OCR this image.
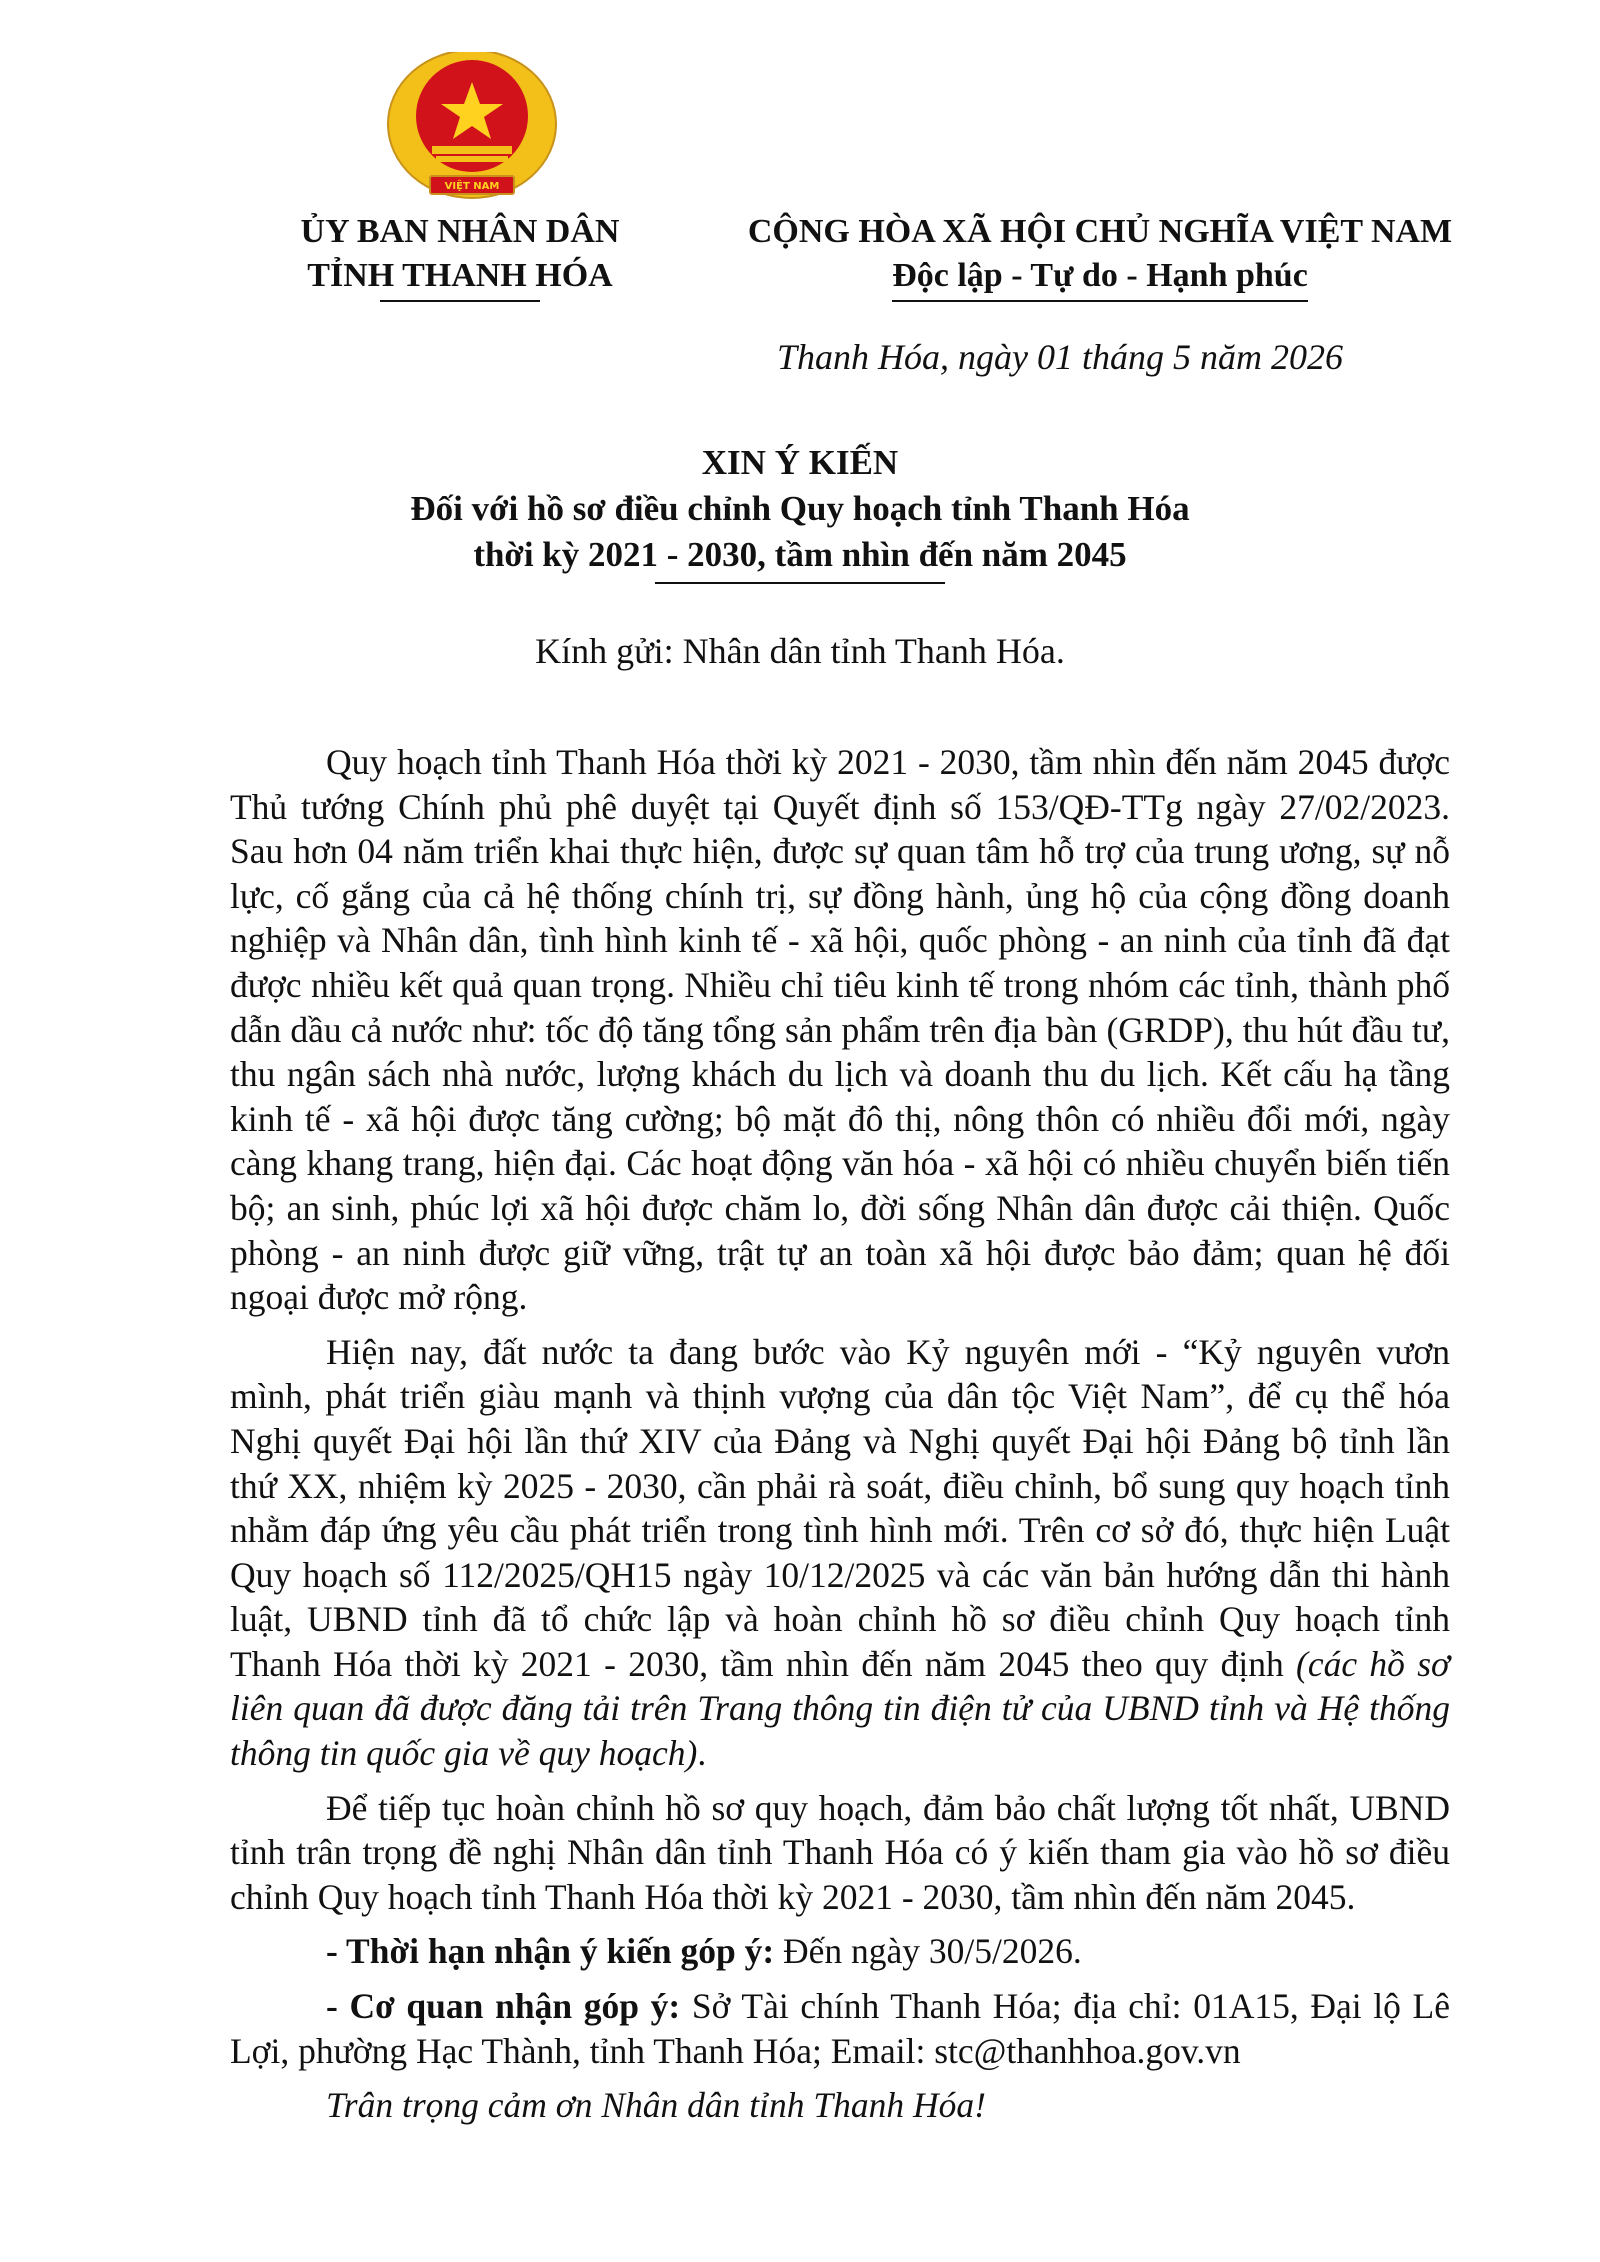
VIỆT NAM
ỦY BAN NHÂN DÂN
TỈNH THANH HÓA
CỘNG HÒA XÃ HỘI CHỦ NGHĨA VIỆT NAM
Độc lập - Tự do - Hạnh phúc
Thanh Hóa, ngày 01 tháng 5 năm 2026
XIN Ý KIẾN
Đối với hồ sơ điều chỉnh Quy hoạch tỉnh Thanh Hóa
thời kỳ 2021 - 2030, tầm nhìn đến năm 2045
Kính gửi: Nhân dân tỉnh Thanh Hóa.

Quy hoạch tỉnh Thanh Hóa thời kỳ 2021 - 2030, tầm nhìn đến năm 2045 được Thủ tướng Chính phủ phê duyệt tại Quyết định số 153/QĐ-TTg ngày 27/02/2023. Sau hơn 04 năm triển khai thực hiện, được sự quan tâm hỗ trợ của trung ương, sự nỗ lực, cố gắng của cả hệ thống chính trị, sự đồng hành, ủng hộ của cộng đồng doanh nghiệp và Nhân dân, tình hình kinh tế - xã hội, quốc phòng - an ninh của tỉnh đã đạt được nhiều kết quả quan trọng. Nhiều chỉ tiêu kinh tế trong nhóm các tỉnh, thành phố dẫn dầu cả nước như: tốc độ tăng tổng sản phẩm trên địa bàn (GRDP), thu hút đầu tư, thu ngân sách nhà nước, lượng khách du lịch và doanh thu du lịch. Kết cấu hạ tầng kinh tế - xã hội được tăng cường; bộ mặt đô thị, nông thôn có nhiều đổi mới, ngày càng khang trang, hiện đại. Các hoạt động văn hóa - xã hội có nhiều chuyển biến tiến bộ; an sinh, phúc lợi xã hội được chăm lo, đời sống Nhân dân được cải thiện. Quốc phòng - an ninh được giữ vững, trật tự an toàn xã hội được bảo đảm; quan hệ đối ngoại được mở rộng.

Hiện nay, đất nước ta đang bước vào Kỷ nguyên mới - “Kỷ nguyên vươn mình, phát triển giàu mạnh và thịnh vượng của dân tộc Việt Nam”, để cụ thể hóa Nghị quyết Đại hội lần thứ XIV của Đảng và Nghị quyết Đại hội Đảng bộ tỉnh lần thứ XX, nhiệm kỳ 2025 - 2030, cần phải rà soát, điều chỉnh, bổ sung quy hoạch tỉnh nhằm đáp ứng yêu cầu phát triển trong tình hình mới. Trên cơ sở đó, thực hiện Luật Quy hoạch số 112/2025/QH15 ngày 10/12/2025 và các văn bản hướng dẫn thi hành luật, UBND tỉnh đã tổ chức lập và hoàn chỉnh hồ sơ điều chỉnh Quy hoạch tỉnh Thanh Hóa thời kỳ 2021 - 2030, tầm nhìn đến năm 2045 theo quy định (các hồ sơ liên quan đã được đăng tải trên Trang thông tin điện tử của UBND tỉnh và Hệ thống thông tin quốc gia về quy hoạch).

Để tiếp tục hoàn chỉnh hồ sơ quy hoạch, đảm bảo chất lượng tốt nhất, UBND tỉnh trân trọng đề nghị Nhân dân tỉnh Thanh Hóa có ý kiến tham gia vào hồ sơ điều chỉnh Quy hoạch tỉnh Thanh Hóa thời kỳ 2021 - 2030, tầm nhìn đến năm 2045.

- Thời hạn nhận ý kiến góp ý: Đến ngày 30/5/2026.

- Cơ quan nhận góp ý: Sở Tài chính Thanh Hóa; địa chỉ: 01A15, Đại lộ Lê Lợi, phường Hạc Thành, tỉnh Thanh Hóa; Email: stc@thanhhoa.gov.vn

Trân trọng cảm ơn Nhân dân tỉnh Thanh Hóa!
